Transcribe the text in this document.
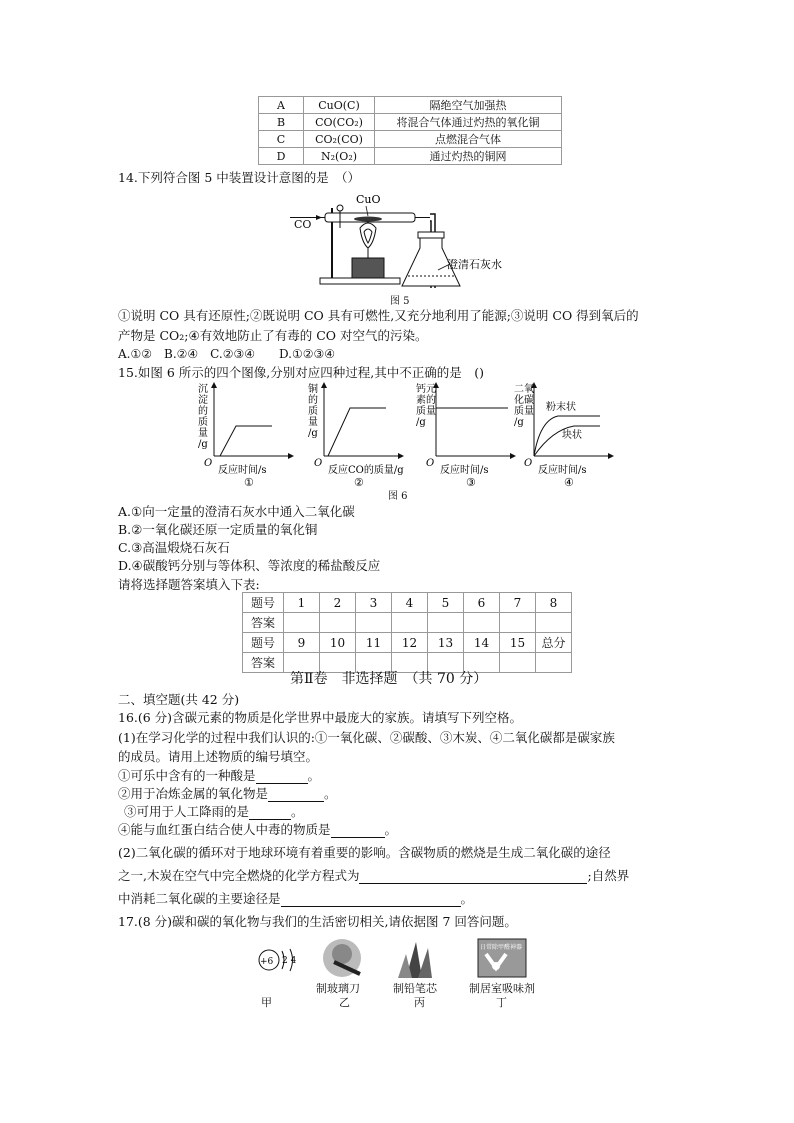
A	CuO(C)	隔绝空气加强热
B	CO(CO₂)	将混合气体通过灼热的氧化铜
C	CO₂(CO)	点燃混合气体
D	N₂(O₂)	通过灼热的铜网
14.下列符合图 5 中装置设计意图的是　（）
CuO
澄清石灰水
CO
图 5
①说明 CO 具有还原性;②既说明 CO 具有可燃性,又充分地利用了能源;③说明 CO 得到氧后的
产物是 CO₂;④有效地防止了有毒的 CO 对空气的污染。
A.①②　B.②④　C.②③④　　D.①②③④
15.如图 6 所示的四个图像,分别对应四种过程,其中不正确的是　()
沉
淀
的
质
量
/g
O
反应时间/s
①
铜
的
质
量
/g
O
反应CO的质量/g
②
钙元
素的
质量
/g
O
反应时间/s
③
二氧
化碳
质量
/g
O
反应时间/s
④
粉末状
块状
图 6
A.①向一定量的澄清石灰水中通入二氧化碳
B.②一氧化碳还原一定质量的氧化铜
C.③高温煅烧石灰石
D.④碳酸钙分别与等体积、等浓度的稀盐酸反应
请将选择题答案填入下表:
题号	1	2	3	4	5	6	7	8
答案								
题号	9	10	11	12	13	14	15	总分
答案								
第Ⅱ卷　非选择题　（共 70 分）
二、填空题(共 42 分)
16.(6 分)含碳元素的物质是化学世界中最庞大的家族。请填写下列空格。
(1)在学习化学的过程中我们认识的:①一氧化碳、②碳酸、③木炭、④二氧化碳都是碳家族
的成员。请用上述物质的编号填空。
①可乐中含有的一种酸是	。
②用于冶炼金属的氧化物是	。
③可用于人工降雨的是	。
④能与血红蛋白结合使人中毒的物质是	。
(2)二氧化碳的循环对于地球环境有着重要的影响。含碳物质的燃烧是生成二氧化碳的途径
之一,木炭在空气中完全燃烧的化学方程式为	;自然界
中消耗二氧化碳的主要途径是	。
17.(8 分)碳和碳的氧化物与我们的生活密切相关,请依据图 7 回答问题。
+6 2 4
日常除甲醛神器
制玻璃刀	制铅笔芯	制居室吸味剂
甲	乙	丙	丁
